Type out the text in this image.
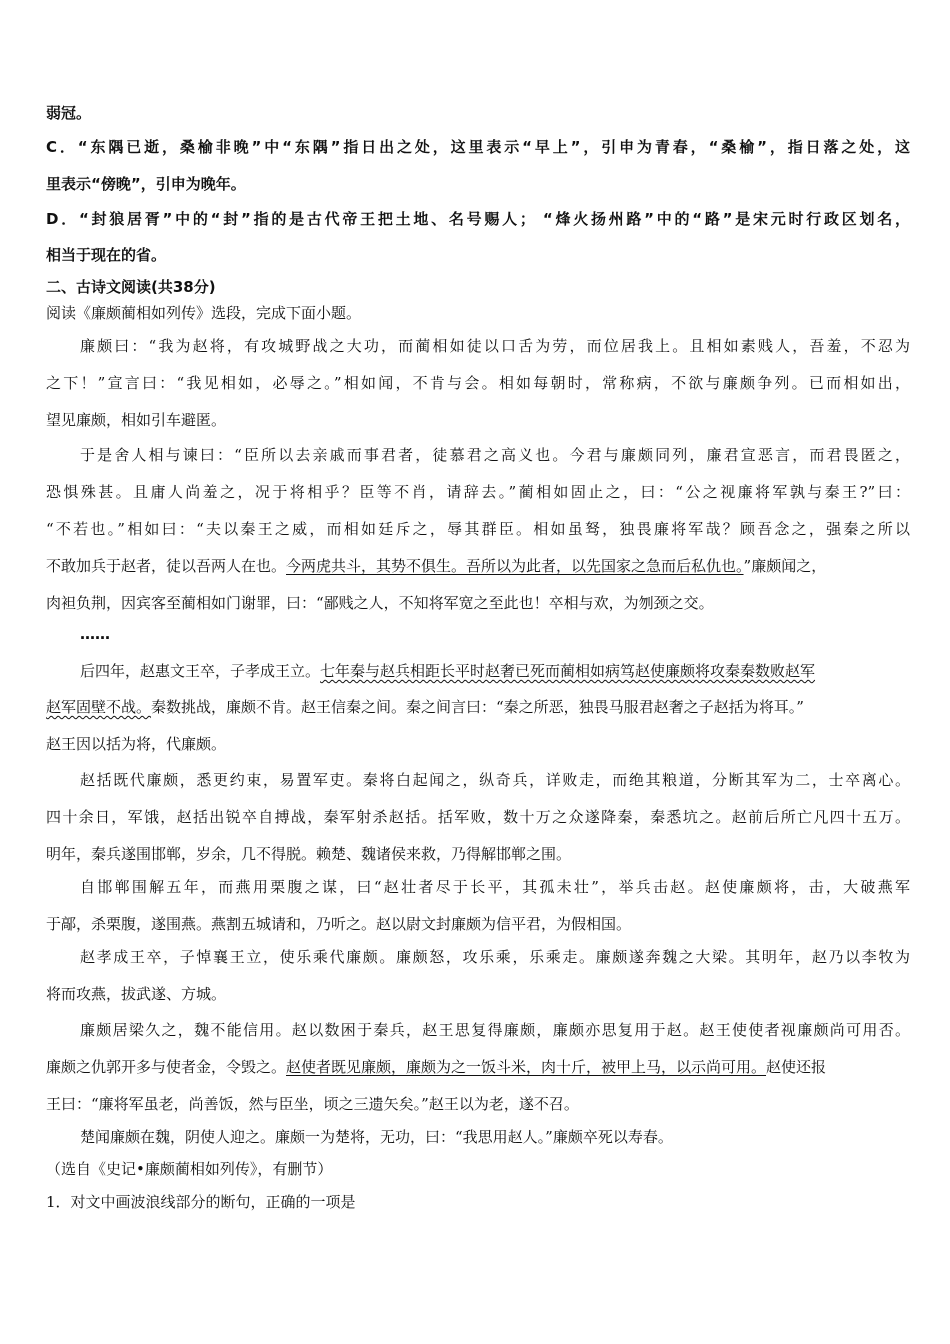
弱冠。
C．“东隅已逝，桑榆非晚”中“东隅”指日出之处，这里表示“早上”，引申为青春，“桑榆”，指日落之处，这
里表示“傍晚”，引申为晚年。
D．“封狼居胥”中的“封”指的是古代帝王把土地、名号赐人； “烽火扬州路”中的“路”是宋元时行政区划名，
相当于现在的省。
二、古诗文阅读(共38分)
阅读《廉颇蔺相如列传》选段，完成下面小题。
廉颇曰：“我为赵将，有攻城野战之大功，而蔺相如徒以口舌为劳，而位居我上。且相如素贱人，吾羞，不忍为
之下！”宣言曰：“我见相如，必辱之。”相如闻，不肯与会。相如每朝时，常称病，不欲与廉颇争列。已而相如出，
望见廉颇，相如引车避匿。
于是舍人相与谏曰：“臣所以去亲戚而事君者，徒慕君之高义也。今君与廉颇同列，廉君宣恶言，而君畏匿之，
恐惧殊甚。且庸人尚羞之，况于将相乎？臣等不肖，请辞去。”蔺相如固止之，曰：“公之视廉将军孰与秦王?”曰：
“不若也。”相如曰：“夫以秦王之威，而相如廷斥之，辱其群臣。相如虽驽，独畏廉将军哉？顾吾念之，强秦之所以
不敢加兵于赵者，徒以吾两人在也。今两虎共斗，其势不俱生。吾所以为此者，以先国家之急而后私仇也。”廉颇闻之，
肉袒负荆，因宾客至蔺相如门谢罪，曰：“鄙贱之人，不知将军宽之至此也！卒相与欢，为刎颈之交。
……
后四年，赵惠文王卒，子孝成王立。七年秦与赵兵相距长平时赵奢已死而蔺相如病笃赵使廉颇将攻秦秦数败赵军
赵军固壁不战。秦数挑战，廉颇不肯。赵王信秦之间。秦之间言曰：“秦之所恶，独畏马服君赵奢之子赵括为将耳。”
赵王因以括为将，代廉颇。
赵括既代廉颇，悉更约束，易置军吏。秦将白起闻之，纵奇兵，详败走，而绝其粮道，分断其军为二，士卒离心。
四十余日，军饿，赵括出锐卒自搏战，秦军射杀赵括。括军败，数十万之众遂降秦，秦悉坑之。赵前后所亡凡四十五万。
明年，秦兵遂围邯郸，岁余，几不得脱。赖楚、魏诸侯来救，乃得解邯郸之围。
自邯郸围解五年，而燕用栗腹之谋，曰“赵壮者尽于长平，其孤未壮”，举兵击赵。赵使廉颇将，击，大破燕军
于鄗，杀栗腹，遂围燕。燕割五城请和，乃听之。赵以尉文封廉颇为信平君，为假相国。
赵孝成王卒，子悼襄王立，使乐乘代廉颇。廉颇怒，攻乐乘，乐乘走。廉颇遂奔魏之大梁。其明年，赵乃以李牧为
将而攻燕，拔武遂、方城。
廉颇居梁久之，魏不能信用。赵以数困于秦兵，赵王思复得廉颇，廉颇亦思复用于赵。赵王使使者视廉颇尚可用否。
廉颇之仇郭开多与使者金，令毁之。赵使者既见廉颇，廉颇为之一饭斗米，肉十斤，被甲上马，以示尚可用。赵使还报
王曰：“廉将军虽老，尚善饭，然与臣坐，顷之三遗矢矣。”赵王以为老，遂不召。
楚闻廉颇在魏，阴使人迎之。廉颇一为楚将，无功，曰：“我思用赵人。”廉颇卒死以寿春。
（选自《史记•廉颇蔺相如列传》，有删节）
1．对文中画波浪线部分的断句，正确的一项是
